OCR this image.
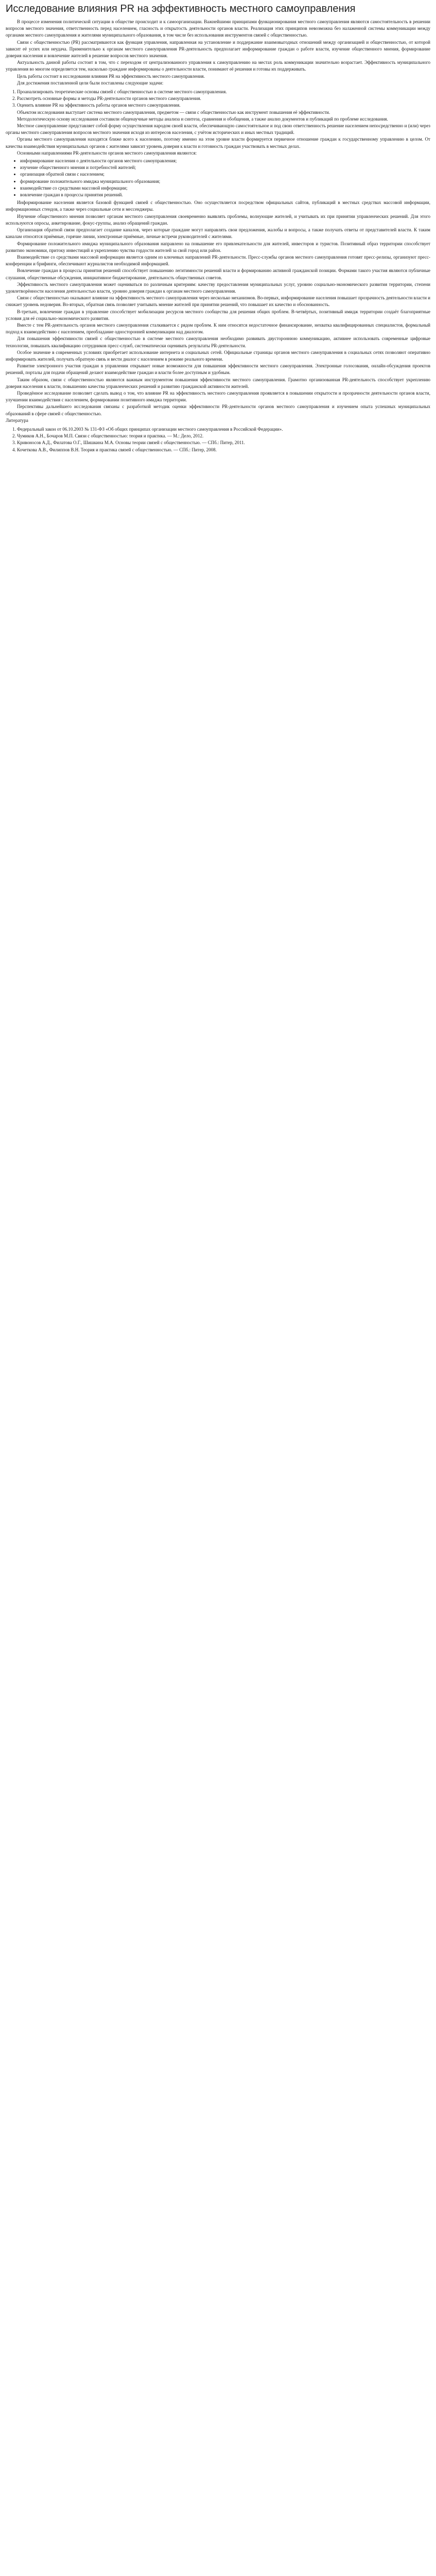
Исследование влияния PR на эффективность местного самоуправления

В процессе изменения политической ситуации в обществе происходит и к самоорганизации. Важнейшими принципами функционирования местного самоуправления являются самостоятельность в решении вопросов местного значения, ответственность перед населением, гласность и открытость деятельности органов власти. Реализация этих принципов невозможна без налаженной системы коммуникации между органами местного самоуправления и жителями муниципального образования, в том числе без использования инструментов связей с общественностью.

Связи с общественностью (PR) рассматриваются как функция управления, направленная на установление и поддержание взаимовыгодных отношений между организацией и общественностью, от которой зависит её успех или неудача. Применительно к органам местного самоуправления PR-деятельность предполагает информирование граждан о работе власти, изучение общественного мнения, формирование доверия населения и вовлечение жителей в решение вопросов местного значения.

Актуальность данной работы состоит в том, что с переходом от централизованного управления к самоуправлению на местах роль коммуникации значительно возрастает. Эффективность муниципального управления во многом определяется тем, насколько граждане информированы о деятельности власти, понимают её решения и готовы их поддерживать.

Цель работы состоит в исследовании влияния PR на эффективность местного самоуправления.

Для достижения поставленной цели были поставлены следующие задачи:

1. Проанализировать теоретические основы связей с общественностью в системе местного самоуправления.
2. Рассмотреть основные формы и методы PR-деятельности органов местного самоуправления.
3. Оценить влияние PR на эффективность работы органов местного самоуправления.

Объектом исследования выступает система местного самоуправления, предметом — связи с общественностью как инструмент повышения её эффективности.

Методологическую основу исследования составили общенаучные методы анализа и синтеза, сравнения и обобщения, а также анализ документов и публикаций по проблеме исследования.

Местное самоуправление представляет собой форму осуществления народом своей власти, обеспечивающую самостоятельное и под свою ответственность решение населением непосредственно и (или) через органы местного самоуправления вопросов местного значения исходя из интересов населения, с учётом исторических и иных местных традиций.

Органы местного самоуправления находятся ближе всего к населению, поэтому именно на этом уровне власти формируется первичное отношение граждан к государственному управлению в целом. От качества взаимодействия муниципальных органов с жителями зависит уровень доверия к власти и готовность граждан участвовать в местных делах.

Основными направлениями PR-деятельности органов местного самоуправления являются:

• информирование населения о деятельности органов местного самоуправления;
• изучение общественного мнения и потребностей жителей;
• организация обратной связи с населением;
• формирование положительного имиджа муниципального образования;
• взаимодействие со средствами массовой информации;
• вовлечение граждан в процессы принятия решений.

Информирование населения является базовой функцией связей с общественностью. Оно осуществляется посредством официальных сайтов, публикаций в местных средствах массовой информации, информационных стендов, а также через социальные сети и мессенджеры.

Изучение общественного мнения позволяет органам местного самоуправления своевременно выявлять проблемы, волнующие жителей, и учитывать их при принятии управленческих решений. Для этого используются опросы, анкетирование, фокус-группы, анализ обращений граждан.

Организация обратной связи предполагает создание каналов, через которые граждане могут направлять свои предложения, жалобы и вопросы, а также получать ответы от представителей власти. К таким каналам относятся приёмные, горячие линии, электронные приёмные, личные встречи руководителей с жителями.

Формирование положительного имиджа муниципального образования направлено на повышение его привлекательности для жителей, инвесторов и туристов. Позитивный образ территории способствует развитию экономики, притоку инвестиций и укреплению чувства гордости жителей за свой город или район.

Взаимодействие со средствами массовой информации является одним из ключевых направлений PR-деятельности. Пресс-службы органов местного самоуправления готовят пресс-релизы, организуют пресс-конференции и брифинги, обеспечивают журналистов необходимой информацией.

Вовлечение граждан в процессы принятия решений способствует повышению легитимности решений власти и формированию активной гражданской позиции. Формами такого участия являются публичные слушания, общественные обсуждения, инициативное бюджетирование, деятельность общественных советов.

Эффективность местного самоуправления может оцениваться по различным критериям: качеству предоставления муниципальных услуг, уровню социально-экономического развития территории, степени удовлетворённости населения деятельностью власти, уровню доверия граждан к органам местного самоуправления.

Связи с общественностью оказывают влияние на эффективность местного самоуправления через несколько механизмов. Во-первых, информирование населения повышает прозрачность деятельности власти и снижает уровень недоверия. Во-вторых, обратная связь позволяет учитывать мнение жителей при принятии решений, что повышает их качество и обоснованность.

В-третьих, вовлечение граждан в управление способствует мобилизации ресурсов местного сообщества для решения общих проблем. В-четвёртых, позитивный имидж территории создаёт благоприятные условия для её социально-экономического развития.

Вместе с тем PR-деятельность органов местного самоуправления сталкивается с рядом проблем. К ним относятся недостаточное финансирование, нехватка квалифицированных специалистов, формальный подход к взаимодействию с населением, преобладание односторонней коммуникации над диалогом.

Для повышения эффективности связей с общественностью в системе местного самоуправления необходимо развивать двустороннюю коммуникацию, активнее использовать современные цифровые технологии, повышать квалификацию сотрудников пресс-служб, систематически оценивать результаты PR-деятельности.

Особое значение в современных условиях приобретает использование интернета и социальных сетей. Официальные страницы органов местного самоуправления в социальных сетях позволяют оперативно информировать жителей, получать обратную связь и вести диалог с населением в режиме реального времени.

Развитие электронного участия граждан в управлении открывает новые возможности для повышения эффективности местного самоуправления. Электронные голосования, онлайн-обсуждения проектов решений, порталы для подачи обращений делают взаимодействие граждан и власти более доступным и удобным.

Таким образом, связи с общественностью являются важным инструментом повышения эффективности местного самоуправления. Грамотно организованная PR-деятельность способствует укреплению доверия населения к власти, повышению качества управленческих решений и развитию гражданской активности жителей.

Проведённое исследование позволяет сделать вывод о том, что влияние PR на эффективность местного самоуправления проявляется в повышении открытости и прозрачности деятельности органов власти, улучшении взаимодействия с населением, формировании позитивного имиджа территории.

Перспективы дальнейшего исследования связаны с разработкой методик оценки эффективности PR-деятельности органов местного самоуправления и изучением опыта успешных муниципальных образований в сфере связей с общественностью.

Литература

1. Федеральный закон от 06.10.2003 № 131-ФЗ «Об общих принципах организации местного самоуправления в Российской Федерации».
2. Чумиков А.Н., Бочаров М.П. Связи с общественностью: теория и практика. — М.: Дело, 2012.
3. Кривоносов А.Д., Филатова О.Г., Шишкина М.А. Основы теории связей с общественностью. — СПб.: Питер, 2011.
4. Кочеткова А.В., Филиппов В.Н. Теория и практика связей с общественностью. — СПб.: Питер, 2008.
